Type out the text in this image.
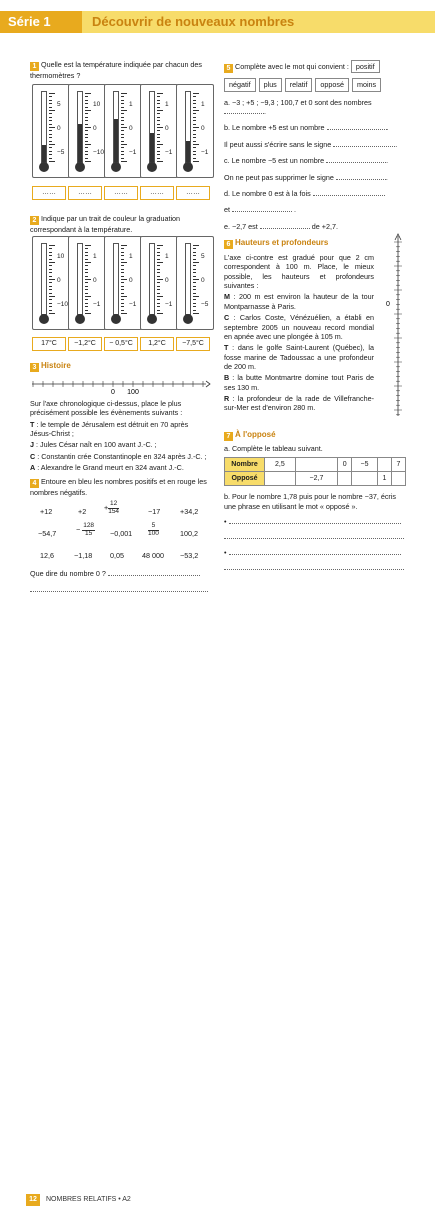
Série 1	Découvrir de nouveaux nombres
1 Quelle est la température indiquée par chacun des thermomètres ?
5
0
−5
10
0
−10
1
0
−1
1
0
−1
1
0
−1
……	……	……	……	……
2 Indique par un trait de couleur la graduation correspondant à la température.
10
0
−10
1
0
−1
1
0
−1
1
0
−1
5
0
−5
17°C	−1,2°C	− 0,5°C	1,2°C	−7,5°C
3 Histoire
0 100
Sur l'axe chronologique ci-dessus, place le plus précisément possible les évènements suivants :
T : le temple de Jérusalem est détruit en 70 après Jésus-Christ ;
J : Jules César naît en 100 avant J.-C. ;
C : Constantin crée Constantinople en 324 après J.-C. ;
A : Alexandre le Grand meurt en 324 avant J.-C.
4 Entoure en bleu les nombres positifs et en rouge les nombres négatifs.
+12	$+2 + \frac{12}{154}$	−17	+34,2
−54,7	− $\frac{128}{15} -0,001 \frac{5}{100}$	100,2
12,6	−1,18 0,05	48 000 −53,2
Que dire du nombre 0 ?
5 Complète avec le mot qui convient : positif
négatif plus relatif opposé moins
a. −3 ; +5 ; −9,3 ; 100,7 et 0 sont des nombres .
b. Le nombre +5 est un nombre	.
Il peut aussi s'écrire sans le signe	.
c. Le nombre −5 est un nombre	.
On ne peut pas supprimer le signe	.
d. Le nombre 0 est à la fois
et	.
e. −2,7 est	de +2,7.
6 Hauteurs et profondeurs
L'axe ci-contre est gradué pour que 2 cm correspondent à 100 m. Place, le mieux possible, les hauteurs et profondeurs suivantes :
M : 200 m est environ la hauteur de la tour Montparnasse à Paris.
C : Carlos Coste, Vénézuélien, a établi en septembre 2005 un nouveau record mondial en apnée avec une plongée à 105 m.
T : dans le golfe Saint-Laurent (Québec), la fosse marine de Tadoussac a une profondeur de 200 m.
B : la butte Montmartre domine tout Paris de ses 130 m.
R : la profondeur de la rade de Villefranche-sur-Mer est d'environ 280 m.
0
7 À l'opposé
a. Complète le tableau suivant.
Nombre	2,5		0	−5		7
Opposé		−2,7			1	
b. Pour le nombre 1,78 puis pour le nombre −37, écris une phrase en utilisant le mot « opposé ».
•
•
12	NOMBRES RELATIFS • A2
